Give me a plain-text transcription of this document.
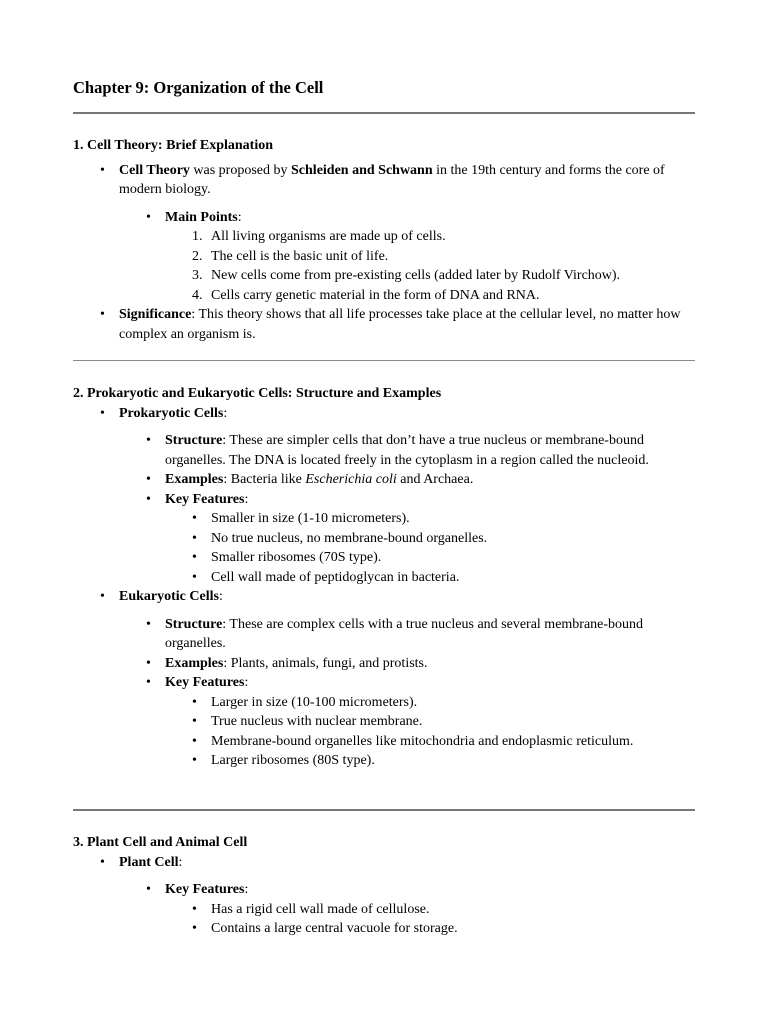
Chapter 9: Organization of the Cell

1. Cell Theory: Brief Explanation

• Cell Theory was proposed by Schleiden and Schwann in the 19th century and forms the core of modern biology.
• Main Points:
1. All living organisms are made up of cells.
2. The cell is the basic unit of life.
3. New cells come from pre-existing cells (added later by Rudolf Virchow).
4. Cells carry genetic material in the form of DNA and RNA.
• Significance: This theory shows that all life processes take place at the cellular level, no matter how complex an organism is.

2. Prokaryotic and Eukaryotic Cells: Structure and Examples

• Prokaryotic Cells:
• Structure: These are simpler cells that don’t have a true nucleus or membrane-bound organelles. The DNA is located freely in the cytoplasm in a region called the nucleoid.
• Examples: Bacteria like Escherichia coli and Archaea.
• Key Features:
• Smaller in size (1-10 micrometers).
• No true nucleus, no membrane-bound organelles.
• Smaller ribosomes (70S type).
• Cell wall made of peptidoglycan in bacteria.
• Eukaryotic Cells:
• Structure: These are complex cells with a true nucleus and several membrane-bound organelles.
• Examples: Plants, animals, fungi, and protists.
• Key Features:
• Larger in size (10-100 micrometers).
• True nucleus with nuclear membrane.
• Membrane-bound organelles like mitochondria and endoplasmic reticulum.
• Larger ribosomes (80S type).

3. Plant Cell and Animal Cell

• Plant Cell:
• Key Features:
• Has a rigid cell wall made of cellulose.
• Contains a large central vacuole for storage.
